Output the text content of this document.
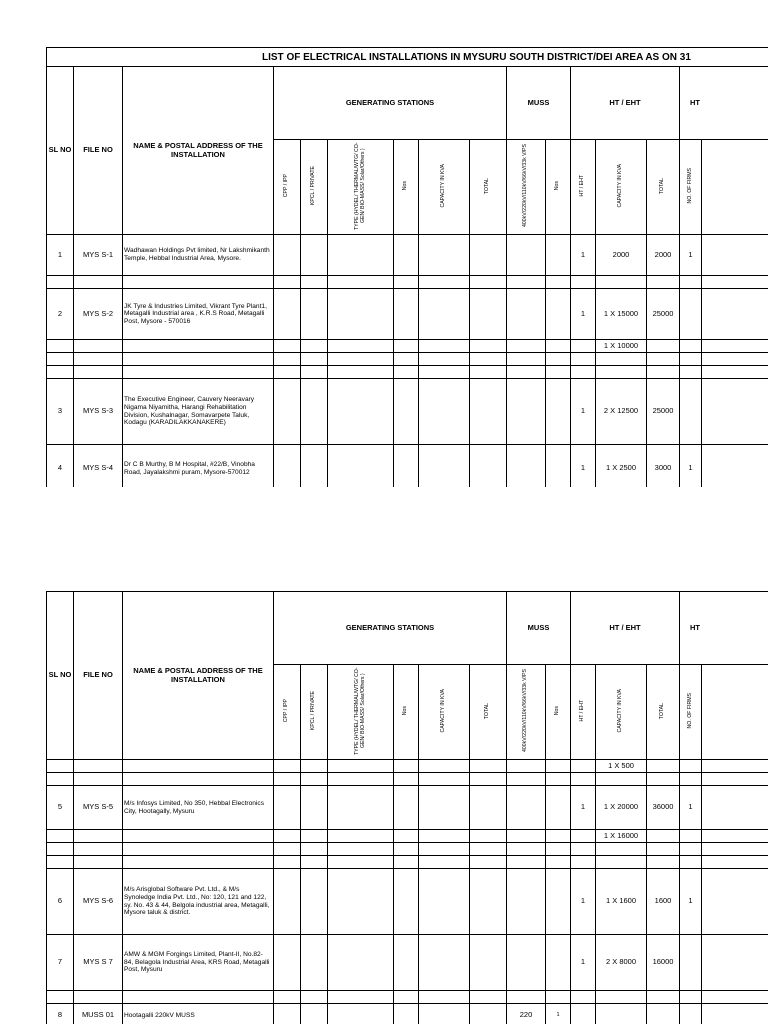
LIST OF ELECTRICAL INSTALLATIONS IN MYSURU SOUTH DISTRICT/DEI AREA AS ON 31															
SL NO	FILE NO	NAME & POSTAL ADDRESS OF THE INSTALLATION	GENERATING STATIONS						MUSS		HT / EHT			HT	
			CPP / IPP	KPCL / PRIVATE	TYPE (HYDEL/ THERMAL/WTG/ CO-GEN/ BIO-MASS/ Solar/Others )	Nos	CAPACITY IN KVA	TOTAL	400kV/220kV/110kV/66kV/33k V/PS	Nos	HT / EHT	CAPACITY IN KVA	TOTAL	NO. OF FIRMS	
1	MYS S-1	Wadhawan Holdings Pvt limited, Nr Lakshmikanth Temple, Hebbal Industrial Area, Mysore.									1	2000	2000	1	

2	MYS S-2	JK Tyre & Industries Limited, Vikrant Tyre Plant1, Metagalli Industrial area , K.R.S Road, Metagalli Post, Mysore - 570016									1	1 X 15000	25000		
												1 X 10000			

3	MYS S-3	The Executive Engineer, Cauvery Neeravary Nigama Niyamitha, Harangi Rehabilitation Division, Kushalnagar, Somavarpete Taluk, Kodagu (KARADILAKKANAKERE)									1	2 X 12500	25000		
4	MYS S-4	Dr C B Murthy, B M Hospital, #22/B, Vinobha Road, Jayalakshmi puram, Mysore-570012									1	1 X 2500	3000	1	
SL NO	FILE NO	NAME & POSTAL ADDRESS OF THE INSTALLATION	GENERATING STATIONS						MUSS		HT / EHT			HT	
			CPP / IPP	KPCL / PRIVATE	TYPE (HYDEL/ THERMAL/WTG/ CO-GEN/ BIO-MASS/ Solar/Others )	Nos	CAPACITY IN KVA	TOTAL	400kV/220kV/110kV/66kV/33k V/PS	Nos	HT / EHT	CAPACITY IN KVA	TOTAL	NO. OF FIRMS	
												1 X 500			

5	MYS S-5	M/s Infosys Limited, No 350, Hebbal Electronics City, Hootagally, Mysuru									1	1 X 20000	36000	1	
												1 X 16000			

6	MYS S-6	M/s Arisglobal Software Pvt. Ltd., & M/s Synoledge India Pvt. Ltd., No: 120, 121 and 122, sy. No. 43 & 44, Belgola industrial area, Metagalli, Mysore taluk & district.									1	1 X 1600	1600	1	
7	MYS S 7	AMW & MGM Forgings Limited, Plant-II, No.82-84, Belagola Industrial Area, KRS Road, Metagalli Post, Mysuru									1	2 X 8000	16000		

8	MUSS 01	Hootagalli 220kV MUSS							220	1					
